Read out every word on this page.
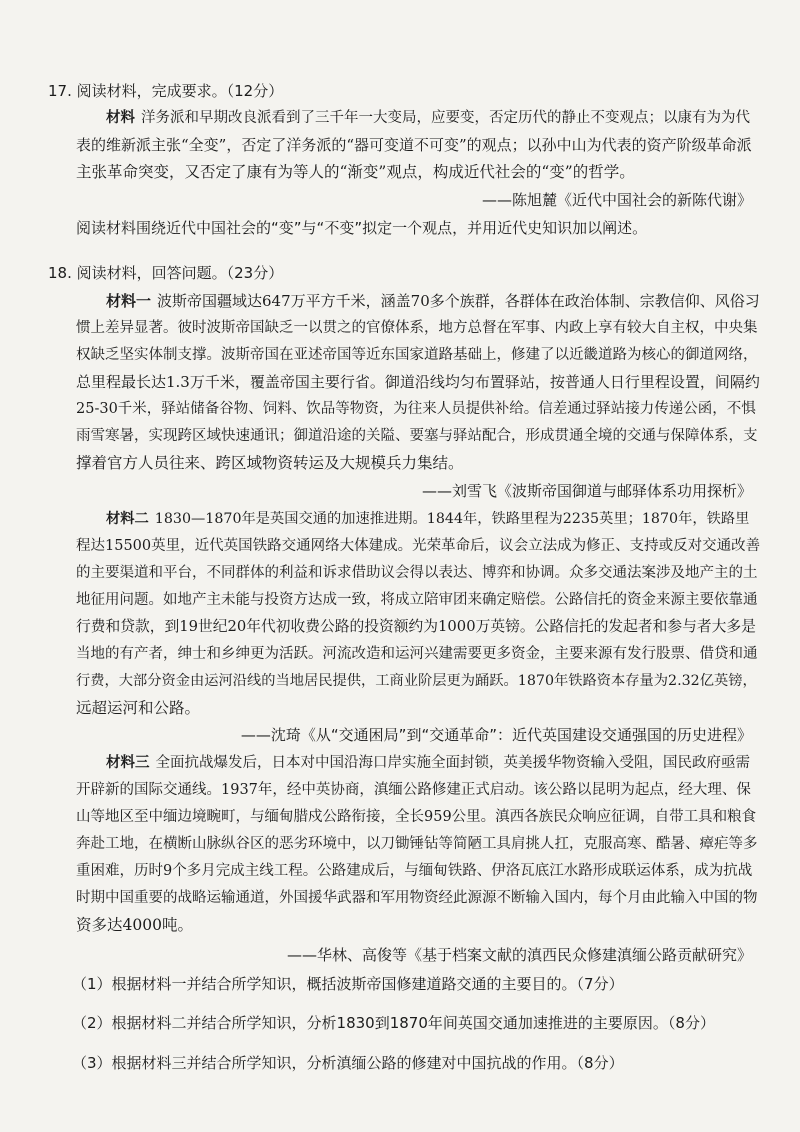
17. 阅读材料，完成要求。（12分）
材料 洋务派和早期改良派看到了三千年一大变局，应要变，否定历代的静止不变观点；以康有为为代
表的维新派主张“全变”，否定了洋务派的“器可变道不可变”的观点；以孙中山为代表的资产阶级革命派
主张革命突变，又否定了康有为等人的“渐变”观点，构成近代社会的“变”的哲学。
——陈旭麓《近代中国社会的新陈代谢》
阅读材料围绕近代中国社会的“变”与“不变”拟定一个观点，并用近代史知识加以阐述。
18. 阅读材料，回答问题。（23分）
材料一 波斯帝国疆域达647万平方千米，涵盖70多个族群，各群体在政治体制、宗教信仰、风俗习
惯上差异显著。彼时波斯帝国缺乏一以贯之的官僚体系，地方总督在军事、内政上享有较大自主权，中央集
权缺乏坚实体制支撑。波斯帝国在亚述帝国等近东国家道路基础上，修建了以近畿道路为核心的御道网络，
总里程最长达1.3万千米，覆盖帝国主要行省。御道沿线均匀布置驿站，按普通人日行里程设置，间隔约
25-30千米，驿站储备谷物、饲料、饮品等物资，为往来人员提供补给。信差通过驿站接力传递公函，不惧
雨雪寒暑，实现跨区域快速通讯；御道沿途的关隘、要塞与驿站配合，形成贯通全境的交通与保障体系，支
撑着官方人员往来、跨区域物资转运及大规模兵力集结。
——刘雪飞《波斯帝国御道与邮驿体系功用探析》
材料二 1830—1870年是英国交通的加速推进期。1844年，铁路里程为2235英里；1870年，铁路里
程达15500英里，近代英国铁路交通网络大体建成。光荣革命后，议会立法成为修正、支持或反对交通改善
的主要渠道和平台，不同群体的利益和诉求借助议会得以表达、博弈和协调。众多交通法案涉及地产主的土
地征用问题。如地产主未能与投资方达成一致，将成立陪审团来确定赔偿。公路信托的资金来源主要依靠通
行费和贷款，到19世纪20年代初收费公路的投资额约为1000万英镑。公路信托的发起者和参与者大多是
当地的有产者，绅士和乡绅更为活跃。河流改造和运河兴建需要更多资金，主要来源有发行股票、借贷和通
行费，大部分资金由运河沿线的当地居民提供，工商业阶层更为踊跃。1870年铁路资本存量为2.32亿英镑，
远超运河和公路。
——沈琦《从“交通困局”到“交通革命”：近代英国建设交通强国的历史进程》
材料三 全面抗战爆发后，日本对中国沿海口岸实施全面封锁，英美援华物资输入受阻，国民政府亟需
开辟新的国际交通线。1937年，经中英协商，滇缅公路修建正式启动。该公路以昆明为起点，经大理、保
山等地区至中缅边境畹町，与缅甸腊戍公路衔接，全长959公里。滇西各族民众响应征调，自带工具和粮食
奔赴工地，在横断山脉纵谷区的恶劣环境中，以刀锄锤钻等简陋工具肩挑人扛，克服高寒、酷暑、瘴疟等多
重困难，历时9个多月完成主线工程。公路建成后，与缅甸铁路、伊洛瓦底江水路形成联运体系，成为抗战
时期中国重要的战略运输通道，外国援华武器和军用物资经此源源不断输入国内，每个月由此输入中国的物
资多达4000吨。
——华林、高俊等《基于档案文献的滇西民众修建滇缅公路贡献研究》
（1）根据材料一并结合所学知识，概括波斯帝国修建道路交通的主要目的。（7分）
（2）根据材料二并结合所学知识，分析1830到1870年间英国交通加速推进的主要原因。（8分）
（3）根据材料三并结合所学知识，分析滇缅公路的修建对中国抗战的作用。（8分）
